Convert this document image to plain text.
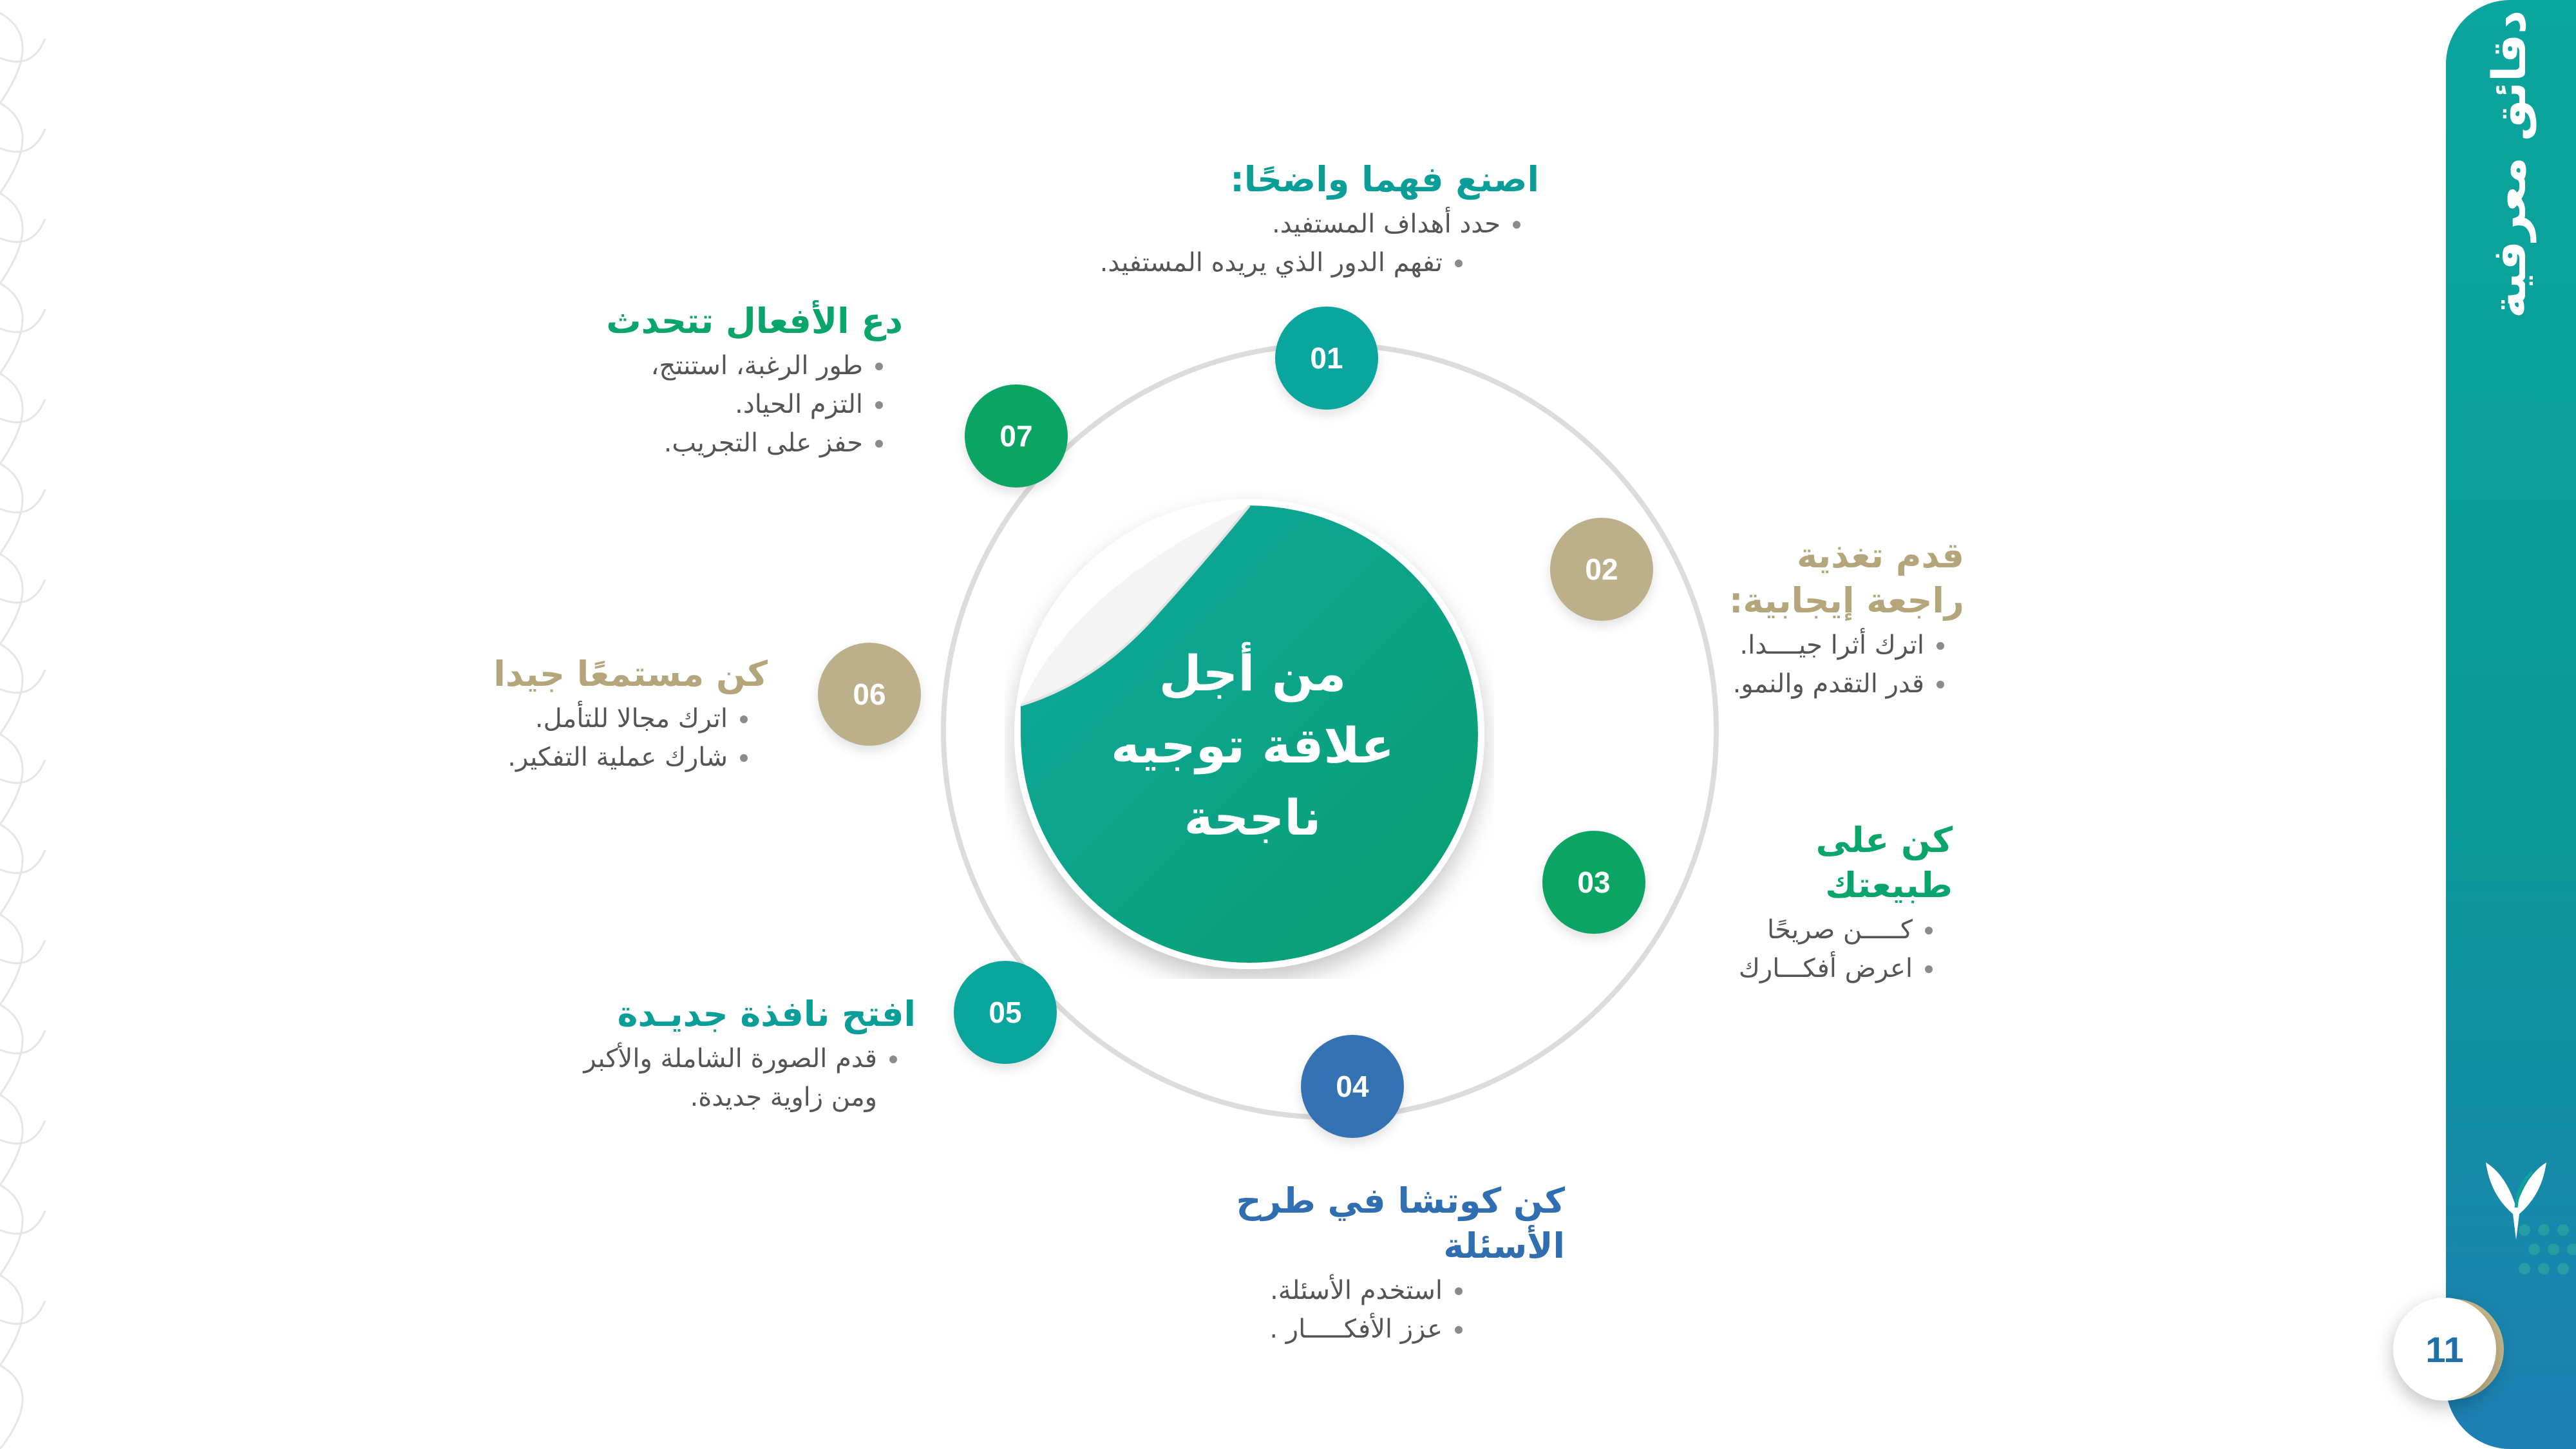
دقائق معرفية
11
من أجل
علاقة توجيه
ناجحة
01
02
03
04
05
06
07
اصنع فهما واضحًا:
• حدد أهداف المستفيد.
• تفهم الدور الذي يريده المستفيد.
قدم تغذية راجعة إيجابية:
• اترك أثرا جيــــدا.
• قدر التقدم والنمو.
كن على طبيعتك
• كـــــن صريحًا
• اعرض أفكـــارك
كن كوتشا في طرح الأسئلة
• استخدم الأسئلة.
• عزز الأفكـــــار .
افتح نافذة جديـدة
• قدم الصورة الشاملة والأكبر ومن زاوية جديدة.
كن مستمعًا جيدا
• اترك مجالا للتأمل.
• شارك عملية التفكير.
دع الأفعال تتحدث
• طور الرغبة، استنتج،
• التزم الحياد.
• حفز على التجريب.
